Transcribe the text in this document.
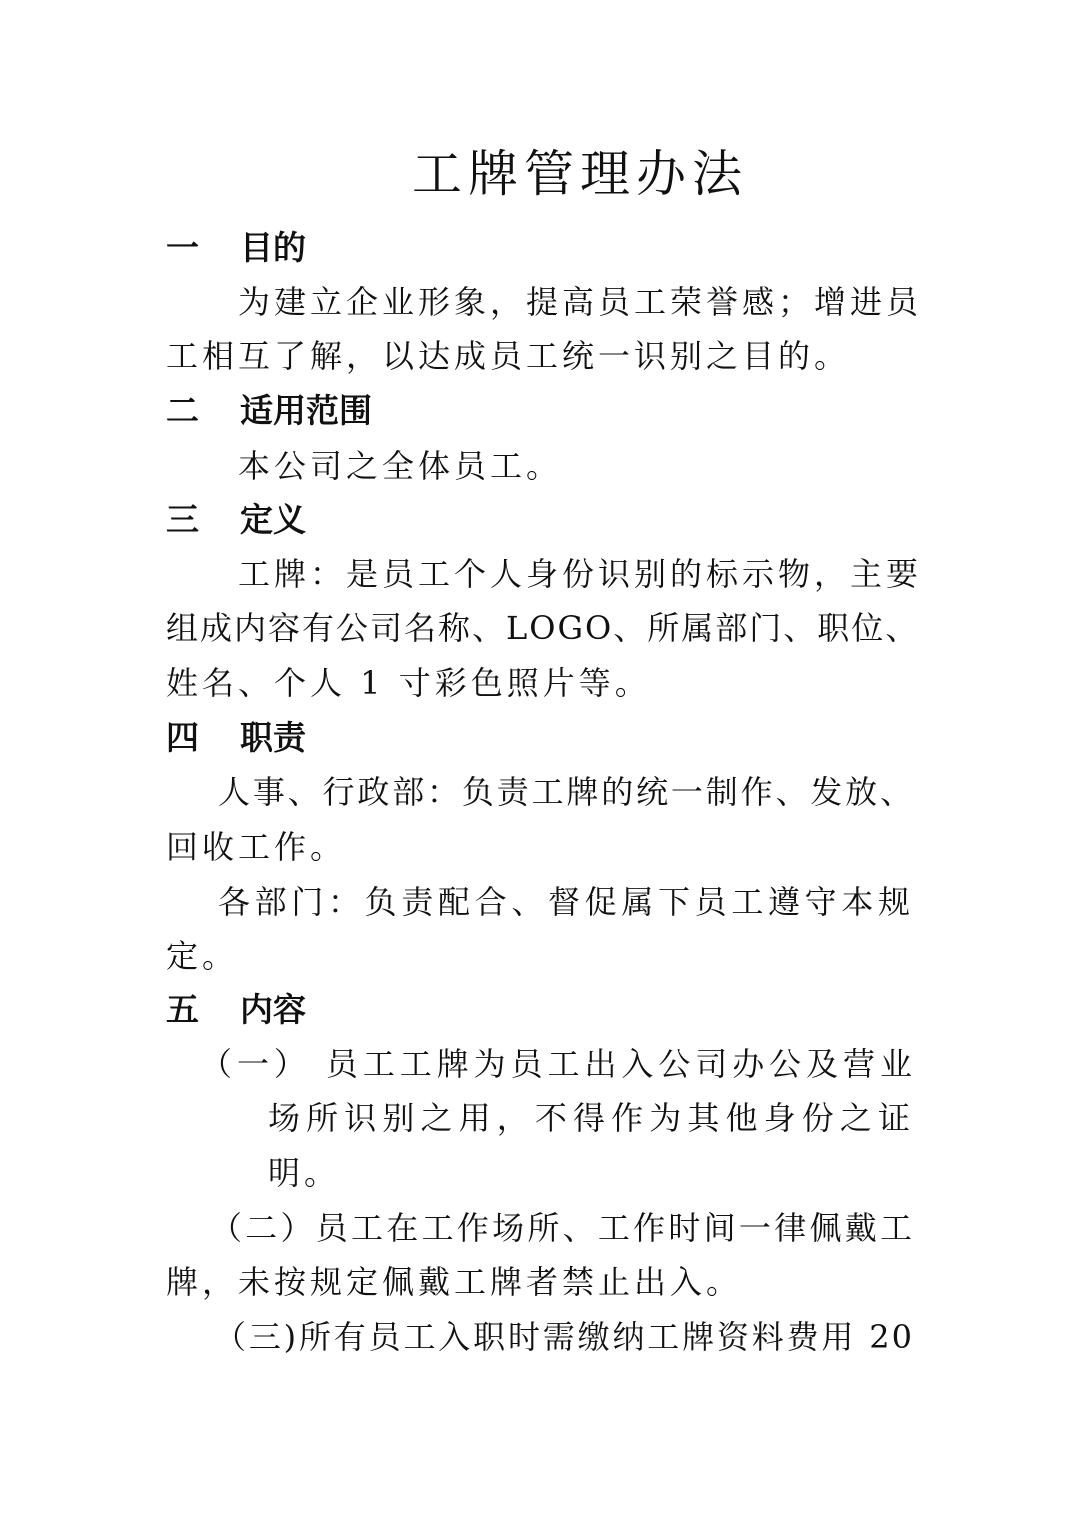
工牌管理办法
一 目的

为建立企业形象，提高员工荣誉感；增进员

工相互了解，以达成员工统一识别之目的。

二 适用范围

本公司之全体员工。

三 定义

工牌：是员工个人身份识别的标示物，主要

组成内容有公司名称、LOGO、所属部门、职位、

姓名、个人 1 寸彩色照片等。

四 职责

人事、行政部：负责工牌的统一制作、发放、

回收工作。

各部门：负责配合、督促属下员工遵守本规

定。

五 内容

（一） 员工工牌为员工出入公司办公及营业

场所识别之用，不得作为其他身份之证

明。

（二）员工在工作场所、工作时间一律佩戴工

牌，未按规定佩戴工牌者禁止出入。

（三)所有员工入职时需缴纳工牌资料费用 20
